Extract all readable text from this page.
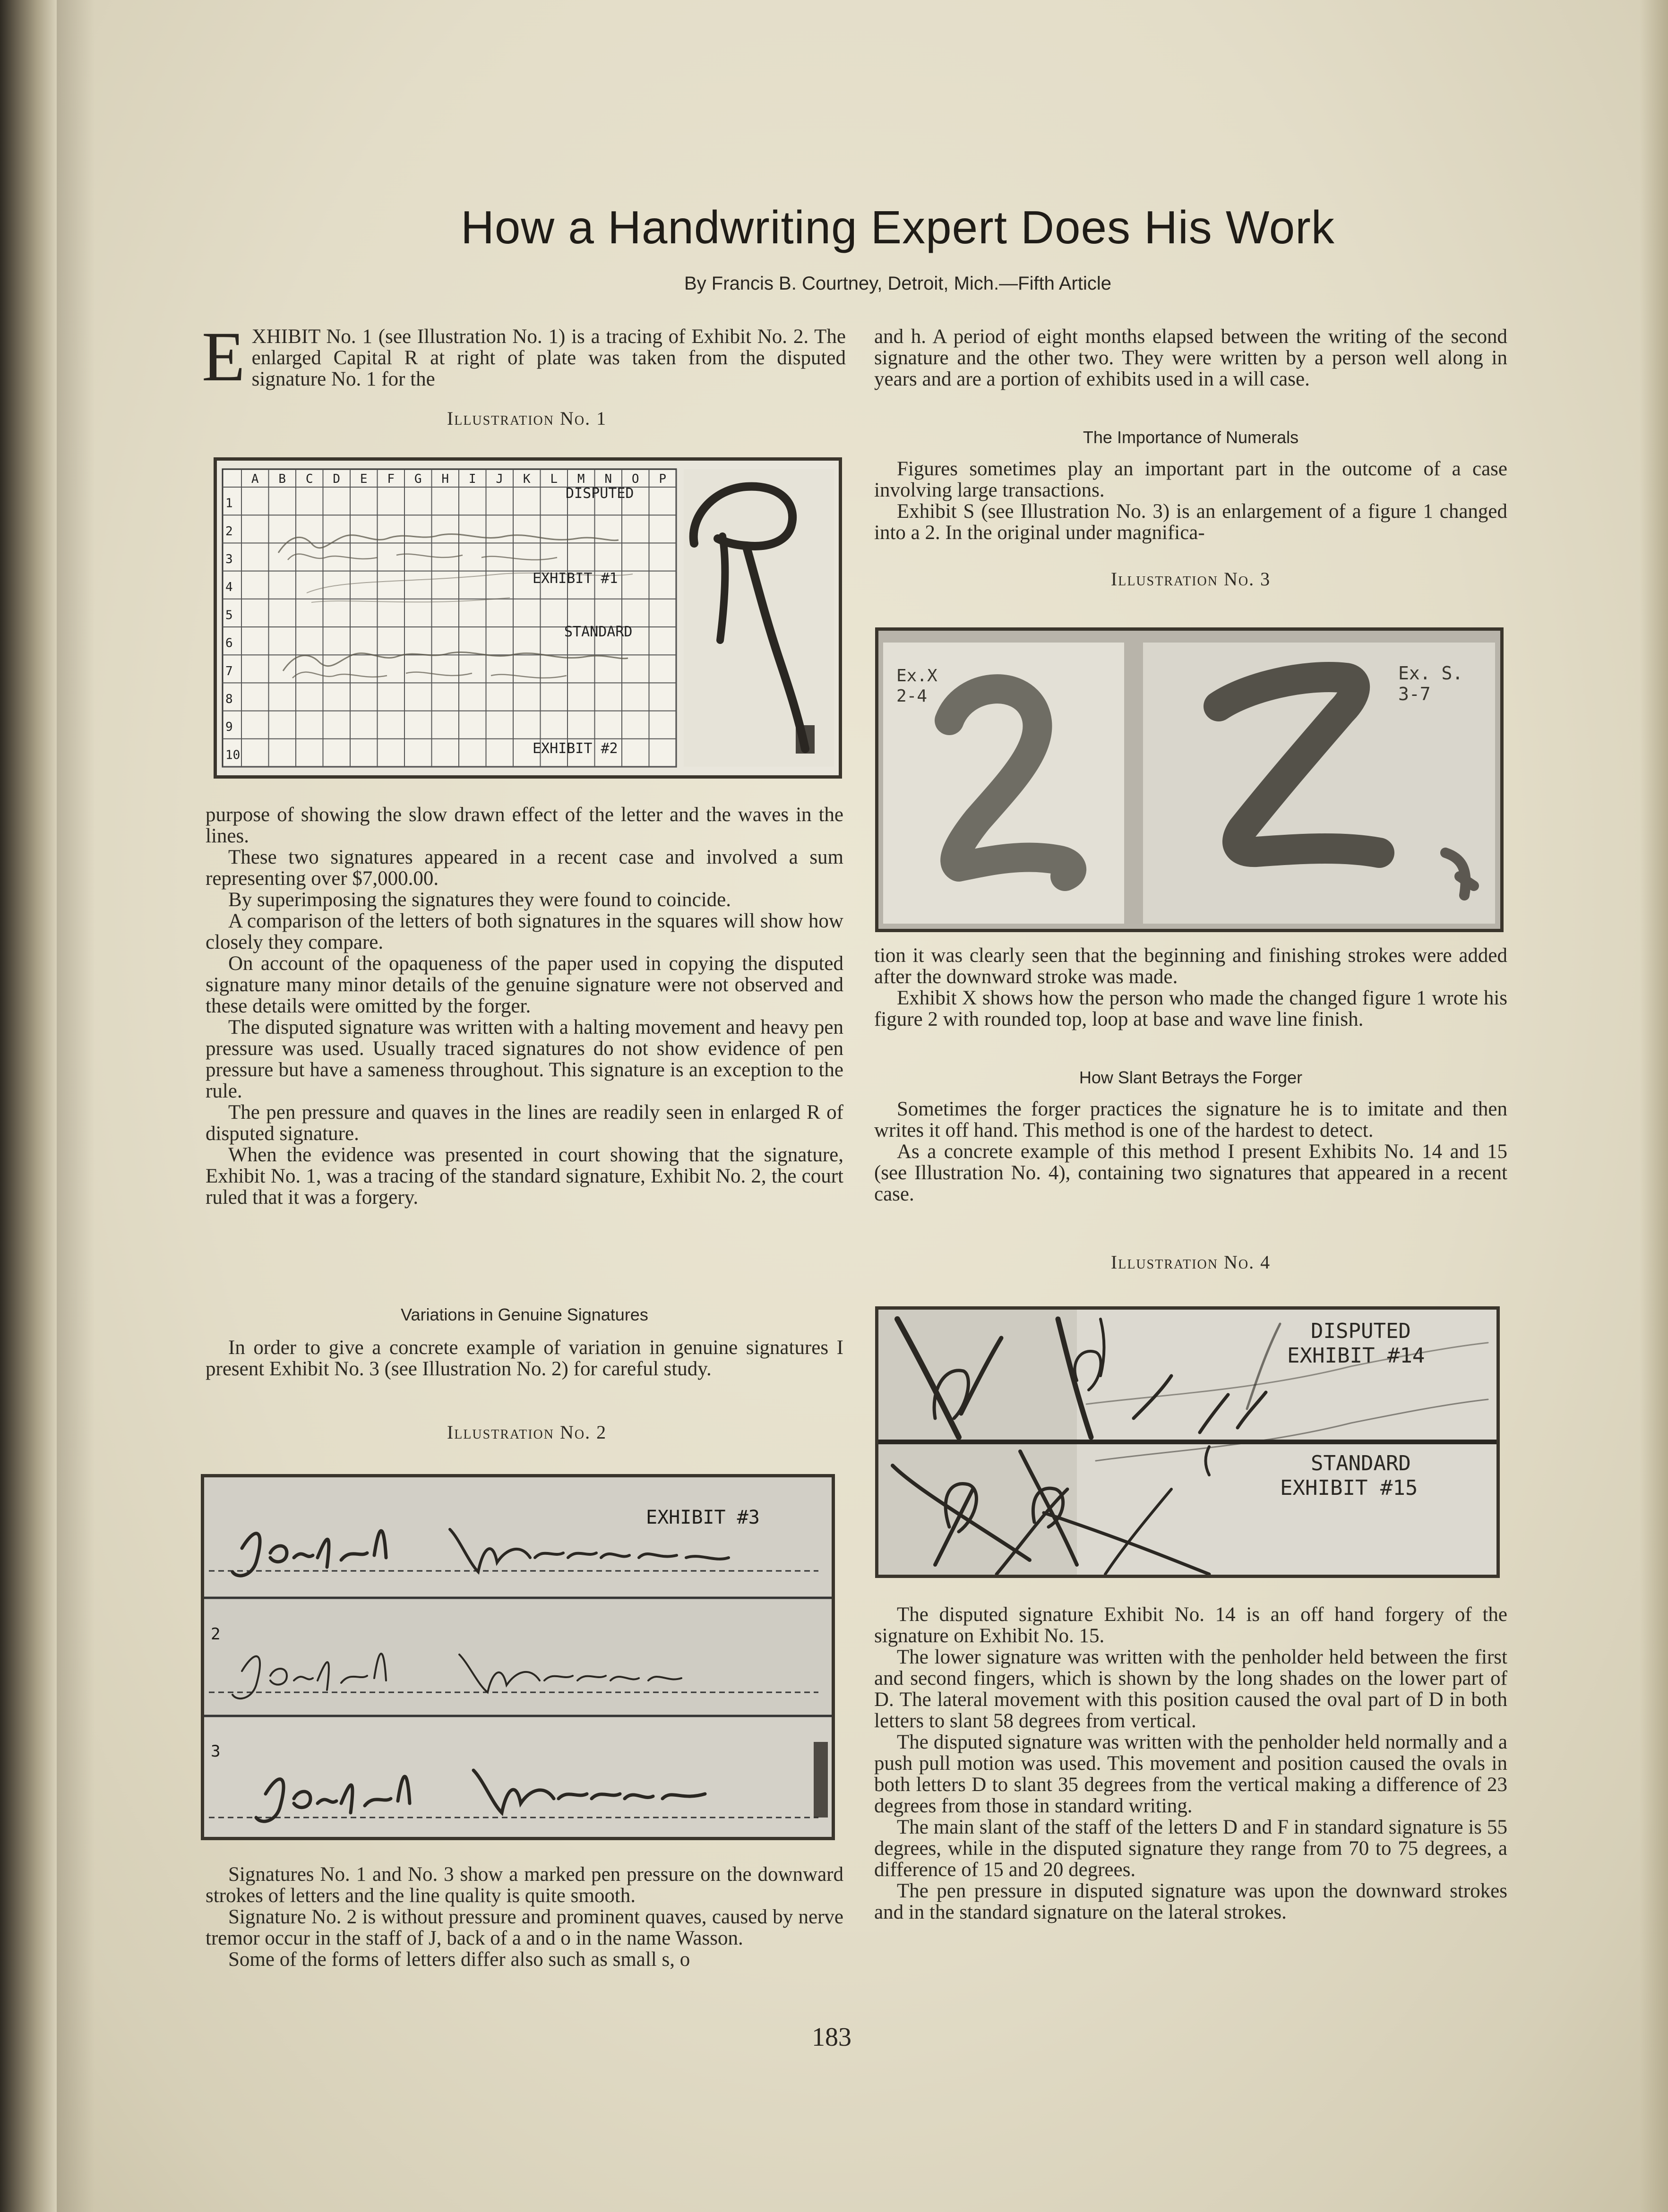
How a Handwriting Expert Does His Work
By Francis B. Courtney, Detroit, Mich.—Fifth Article
E XHIBIT No. 1 (see Illustration No. 1) is a tracing of Exhibit No. 2. The enlarged Capital R at right of plate was taken from the disputed signature No. 1 for the
Illustration No. 1
A B C D E F G H I J K L M N O P
1
2
3
4
5
6
7
8
9
10
DISPUTED
EXHIBIT #1
STANDARD
EXHIBIT #2

purpose of showing the slow drawn effect of the letter and the waves in the lines.

These two signatures appeared in a recent case and involved a sum representing over $7,000.00.

By superimposing the signatures they were found to coincide.

A comparison of the letters of both signatures in the squares will show how closely they compare.

On account of the opaqueness of the paper used in copying the disputed signature many minor details of the genuine signature were not observed and these details were omitted by the forger.

The disputed signature was written with a halting movement and heavy pen pressure was used. Usually traced signatures do not show evidence of pen pressure but have a sameness throughout. This signature is an exception to the rule.

The pen pressure and quaves in the lines are readily seen in enlarged R of disputed signature.

When the evidence was presented in court showing that the signature, Exhibit No. 1, was a tracing of the standard signature, Exhibit No. 2, the court ruled that it was a forgery.

Variations in Genuine Signatures

In order to give a concrete example of variation in genuine signatures I present Exhibit No. 3 (see Illustration No. 2) for careful study.

Illustration No. 2
EXHIBIT #3
2
3

Signatures No. 1 and No. 3 show a marked pen pressure on the downward strokes of letters and the line quality is quite smooth.

Signature No. 2 is without pressure and prominent quaves, caused by nerve tremor occur in the staff of J, back of a and o in the name Wasson.

Some of the forms of letters differ also such as small s, o

and h. A period of eight months elapsed between the writing of the second signature and the other two. They were written by a person well along in years and are a portion of exhibits used in a will case.

The Importance of Numerals

Figures sometimes play an important part in the outcome of a case involving large transactions.

Exhibit S (see Illustration No. 3) is an enlargement of a figure 1 changed into a 2. In the original under magnifica-

Illustration No. 3
Ex.X
2-4
Ex. S.
3-7

tion it was clearly seen that the beginning and finishing strokes were added after the downward stroke was made.

Exhibit X shows how the person who made the changed figure 1 wrote his figure 2 with rounded top, loop at base and wave line finish.

How Slant Betrays the Forger

Sometimes the forger practices the signature he is to imitate and then writes it off hand. This method is one of the hardest to detect.

As a concrete example of this method I present Exhibits No. 14 and 15 (see Illustration No. 4), containing two signatures that appeared in a recent case.

Illustration No. 4
DISPUTED
EXHIBIT #14
STANDARD
EXHIBIT #15

The disputed signature Exhibit No. 14 is an off hand forgery of the signature on Exhibit No. 15.

The lower signature was written with the penholder held between the first and second fingers, which is shown by the long shades on the lower part of D. The lateral movement with this position caused the oval part of D in both letters to slant 58 degrees from vertical.

The disputed signature was written with the penholder held normally and a push pull motion was used. This movement and position caused the ovals in both letters D to slant 35 degrees from the vertical making a difference of 23 degrees from those in standard writing.

The main slant of the staff of the letters D and F in standard signature is 55 degrees, while in the disputed signature they range from 70 to 75 degrees, a difference of 15 and 20 degrees.

The pen pressure in disputed signature was upon the downward strokes and in the standard signature on the lateral strokes.

183
